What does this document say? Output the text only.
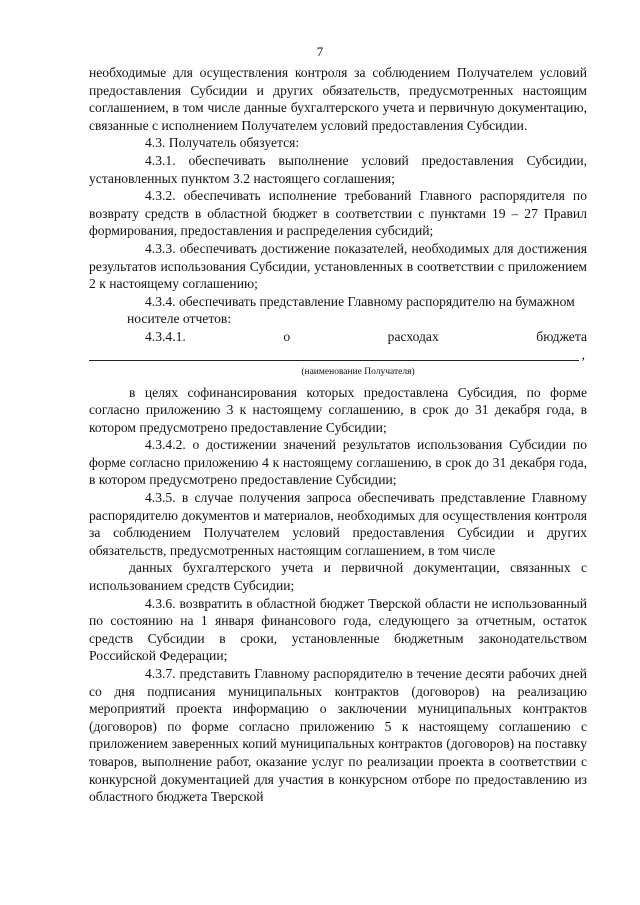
7

необходимые для осуществления контроля за соблюдением Получателем условий предоставления Субсидии и других обязательств, предусмотренных настоящим соглашением, в том числе данные бухгалтерского учета и первичную документацию, связанные с исполнением Получателем условий предоставления Субсидии.

4.3. Получатель обязуется:

4.3.1. обеспечивать выполнение условий предоставления Субсидии, установленных пунктом 3.2 настоящего соглашения;

4.3.2. обеспечивать исполнение требований Главного распорядителя по возврату средств в областной бюджет в соответствии с пунктами 19 – 27 Правил формирования, предоставления и распределения субсидий;

4.3.3. обеспечивать достижение показателей, необходимых для достижения результатов использования Субсидии, установленных в соответствии с приложением 2 к настоящему соглашению;

4.3.4. обеспечивать представление Главному распорядителю на бумажном

носителе отчетов:

4.3.4.1.	о	расходах	бюджета
,
(наименование Получателя)

в целях софинансирования которых предоставлена Субсидия, по форме согласно приложению 3 к настоящему соглашению, в срок до 31 декабря года, в котором предусмотрено предоставление Субсидии;

4.3.4.2. о достижении значений результатов использования Субсидии по форме согласно приложению 4 к настоящему соглашению, в срок до 31 декабря года, в котором предусмотрено предоставление Субсидии;

4.3.5. в случае получения запроса обеспечивать представление Главному распорядителю документов и материалов, необходимых для осуществления контроля за соблюдением Получателем условий предоставления Субсидии и других обязательств, предусмотренных настоящим соглашением, в том числе

данных бухгалтерского учета и первичной документации, связанных с использованием средств Субсидии;

4.3.6. возвратить в областной бюджет Тверской области не использованный по состоянию на 1 января финансового года, следующего за отчетным, остаток средств Субсидии в сроки, установленные бюджетным законодательством Российской Федерации;

4.3.7. представить Главному распорядителю в течение десяти рабочих дней со дня подписания муниципальных контрактов (договоров) на реализацию мероприятий проекта информацию о заключении муниципальных контрактов (договоров) по форме согласно приложению 5 к настоящему соглашению с приложением заверенных копий муниципальных контрактов (договоров) на поставку товаров, выполнение работ, оказание услуг по реализации проекта в соответствии с конкурсной документацией для участия в конкурсном отборе по предоставлению из областного бюджета Тверской
